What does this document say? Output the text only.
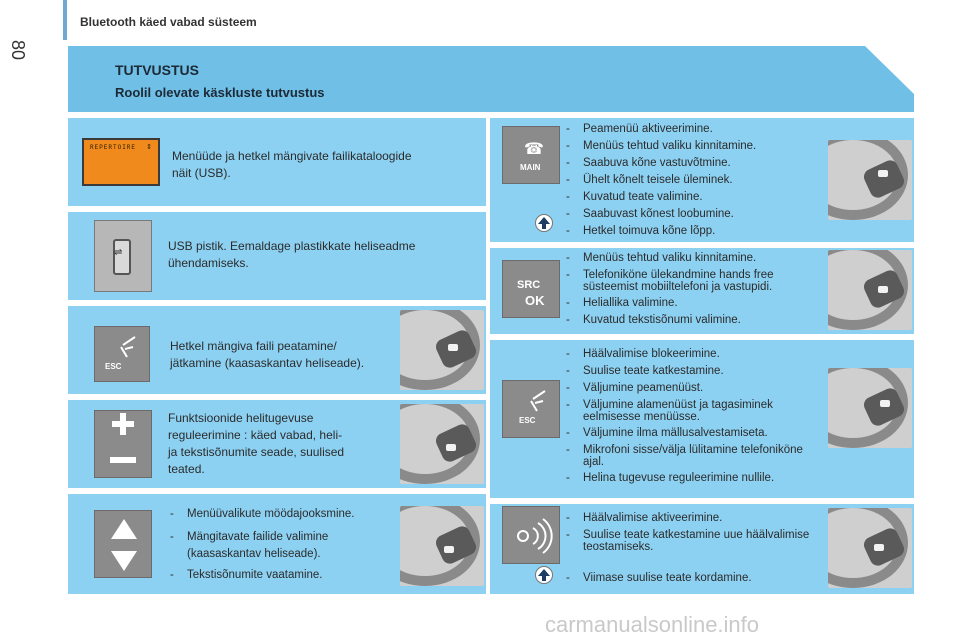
80
Bluetooth käed vabad süsteem
TUTVUSTUS
Roolil olevate käskluste tutvustus
REPERTOIRE ⇕
Menüüde ja hetkel mängivate failikataloogide
näit (USB).
⇌	USB pistik. Eemaldage plastikkate heliseadme
ühendamiseks.
ESC
Hetkel mängiva faili peatamine/
jätkamine (kaasaskantav heliseade).
Funktsioonide helitugevuse
reguleerimine : käed vabad, heli-
ja tekstisõnumite seade, suulised
teated.
- Menüüvalikute möödajooksmine.
- Mängitavate failide valimine (kaasaskantav heliseade).
- Tekstisõnumite vaatamine.
☎
MAIN
- Peamenüü aktiveerimine.
- Menüüs tehtud valiku kinnitamine.
- Saabuva kõne vastuvõtmine.
- Ühelt kõnelt teisele üleminek.
- Kuvatud teate valimine.
- Saabuvast kõnest loobumine.
- Hetkel toimuva kõne lõpp.
SRC
OK
- Menüüs tehtud valiku kinnitamine.
- Telefoniköne ülekandmine hands free süsteemist mobiiltelefoni ja vastupidi.
- Heliallika valimine.
- Kuvatud tekstisõnumi valimine.
ESC
- Häälvalimise blokeerimine.
- Suulise teate katkestamine.
- Väljumine peamenüüst.
- Väljumine alamenüüst ja tagasiminek eelmisesse menüüsse.
- Väljumine ilma mällusalvestamiseta.
- Mikrofoni sisse/välja lülitamine telefoniköne ajal.
- Helina tugevuse reguleerimine nullile.
- Häälvalimise aktiveerimine.
- Suulise teate katkestamine uue häälvalimise teostamiseks.
- Viimase suulise teate kordamine.
carmanualsonline.info
